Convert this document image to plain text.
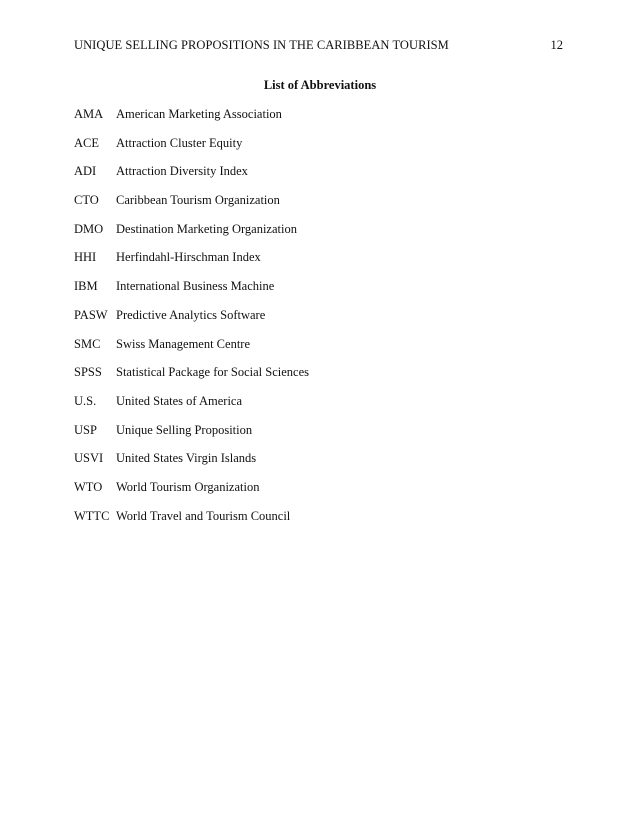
UNIQUE SELLING PROPOSITIONS IN THE CARIBBEAN TOURISM	12
List of Abbreviations
AMA	American Marketing Association
ACE	Attraction Cluster Equity
ADI	Attraction Diversity Index
CTO	Caribbean Tourism Organization
DMO	Destination Marketing Organization
HHI	Herfindahl-Hirschman Index
IBM	International Business Machine
PASW Predictive Analytics Software
SMC	Swiss Management Centre
SPSS	Statistical Package for Social Sciences
U.S.	United States of America
USP	Unique Selling Proposition
USVI	United States Virgin Islands
WTO	World Tourism Organization
WTTC World Travel and Tourism Council
